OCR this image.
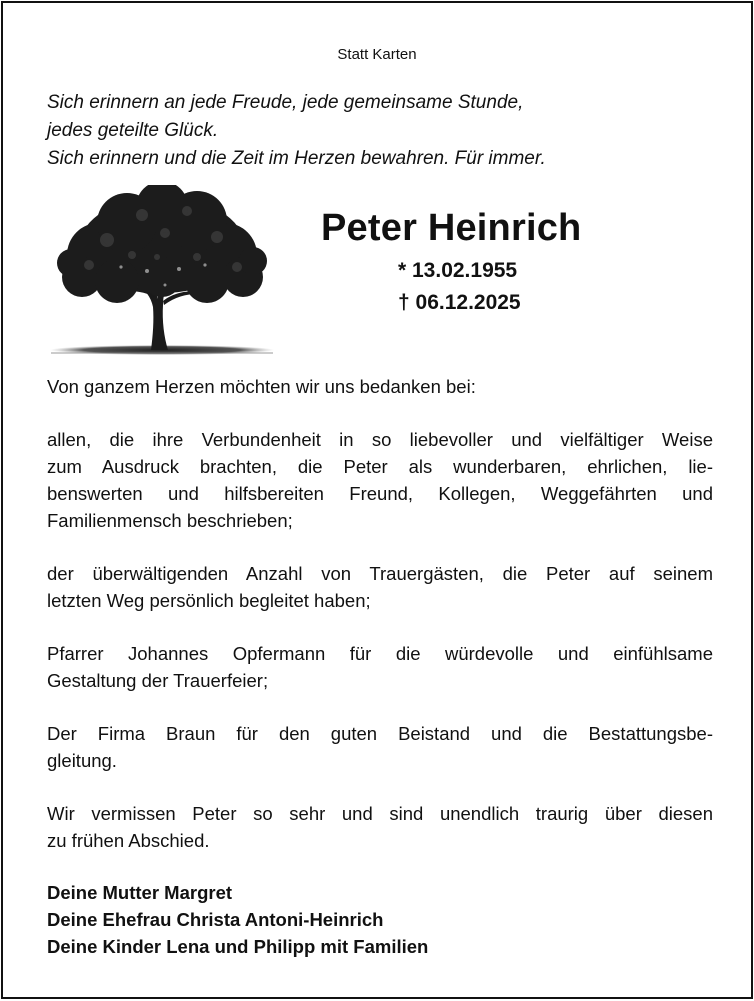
Statt Karten
Sich erinnern an jede Freude, jede gemeinsame Stunde,
jedes geteilte Glück.
Sich erinnern und die Zeit im Herzen bewahren. Für immer.
Peter Heinrich
* 13.02.1955
† 06.12.2025
Von ganzem Herzen möchten wir uns bedanken bei:
allen, die ihre Verbundenheit in so liebevoller und vielfältiger Weise
zum Ausdruck brachten, die Peter als wunderbaren, ehrlichen, lie-
benswerten und hilfsbereiten Freund, Kollegen, Weggefährten und
Familienmensch beschrieben;
der überwältigenden Anzahl von Trauergästen, die Peter auf seinem
letzten Weg persönlich begleitet haben;
Pfarrer Johannes Opfermann für die würdevolle und einfühlsame
Gestaltung der Trauerfeier;
Der Firma Braun für den guten Beistand und die Bestattungsbe-
gleitung.
Wir vermissen Peter so sehr und sind unendlich traurig über diesen
zu frühen Abschied.
Deine Mutter Margret
Deine Ehefrau Christa Antoni-Heinrich
Deine Kinder Lena und Philipp mit Familien
